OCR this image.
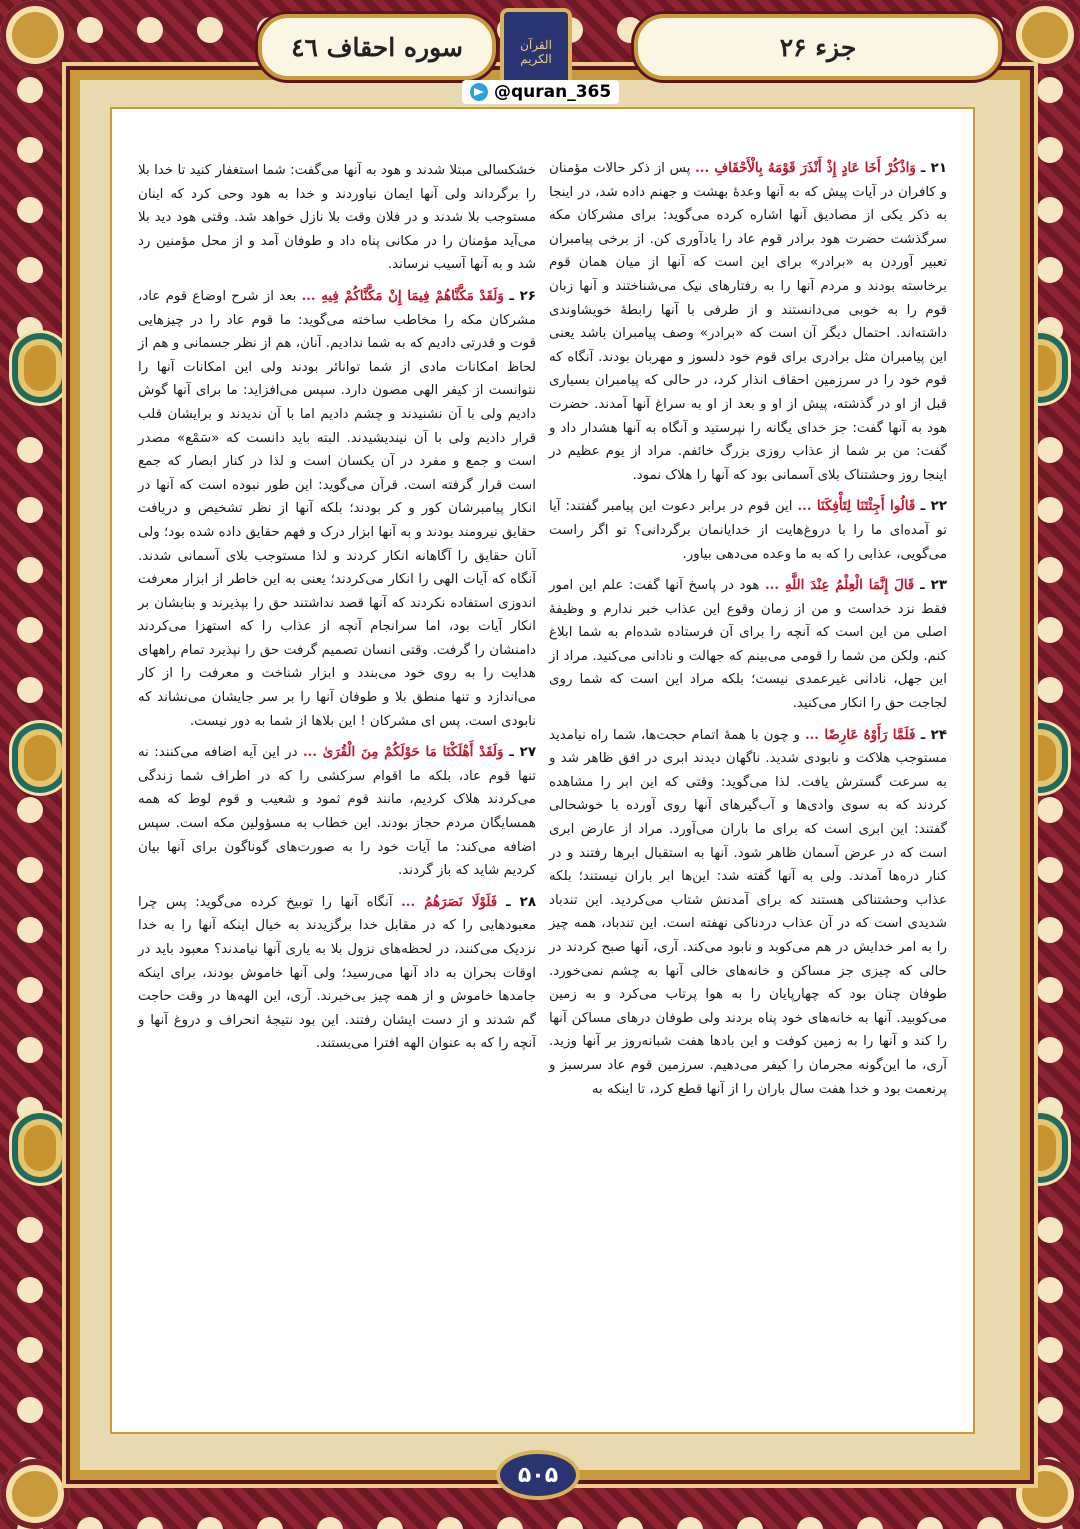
جزء ۲۶
القرآن الكريم
سوره احقاف ٤٦
@quran_365

۲۱ ـ وَاذْكُرْ أَخَا عَادٍ إِذْ أَنْذَرَ قَوْمَهُ بِالْأَحْقَافِ ... پس از ذکر حالات مؤمنان و کافران در آیات پیش که به آنها وعدهٔ بهشت و جهنم داده شد، در اینجا به ذکر یکی از مصادیق آنها اشاره کرده می‌گوید: برای مشرکان مکه سرگذشت حضرت هود برادر قوم عاد را یادآوری کن. از برخی پیامبران تعبیر آوردن به «برادر» برای این است که آنها از میان همان قوم برخاسته بودند و مردم آنها را به رفتارهای نیک می‌شناختند و آنها زبان قوم را به خوبی می‌دانستند و از طرفی با آنها رابطهٔ خویشاوندی داشته‌اند. احتمال دیگر آن است که «برادر» وصف پیامبران باشد یعنی این پیامبران مثل برادری برای قوم خود دلسوز و مهربان بودند. آنگاه که قوم خود را در سرزمین احقاف انذار کرد، در حالی که پیامبران بسیاری قبل از او در گذشته، پیش از او و بعد از او به سراغ آنها آمدند. حضرت هود به آنها گفت: جز خدای یگانه را نپرستید و آنگاه به آنها هشدار داد و گفت: من بر شما از عذاب روزی بزرگ خائفم. مراد از یوم عظیم در اینجا روز وحشتناک بلای آسمانی بود که آنها را هلاک نمود.

۲۲ ـ قَالُوا أَجِئْتَنَا لِتَأْفِكَنَا ... این قوم در برابر دعوت این پیامبر گفتند: آیا تو آمده‌ای ما را با دروغ‌هایت از خدایانمان برگردانی؟ تو اگر راست می‌گویی، عذابی را که به ما وعده می‌دهی بیاور.

۲۳ ـ قَالَ إِنَّمَا الْعِلْمُ عِنْدَ اللَّهِ ... هود در پاسخ آنها گفت: علم این امور فقط نزد خداست و من از زمان وقوع این عذاب خبر ندارم و وظیفهٔ اصلی من این است که آنچه را برای آن فرستاده شده‌ام به شما ابلاغ کنم. ولکن من شما را قومی می‌بینم که جهالت و نادانی می‌کنید. مراد از این جهل، نادانی غیرعمدی نیست؛ بلکه مراد این است که شما روی لجاجت حق را انکار می‌کنید.

۲۴ ـ فَلَمَّا رَأَوْهُ عَارِضًا ... و چون با همهٔ اتمام حجت‌ها، شما راه نیامدید مستوجب هلاکت و نابودی شدید. ناگهان دیدند ابری در افق ظاهر شد و به سرعت گسترش یافت. لذا می‌گوید: وقتی که این ابر را مشاهده کردند که به سوی وادی‌ها و آب‌گیرهای آنها روی آورده با خوشحالی گفتند: این ابری است که برای ما باران می‌آورد. مراد از عارض ابری است که در عرض آسمان ظاهر شود. آنها به استقبال ابرها رفتند و در کنار دره‌ها آمدند. ولی به آنها گفته شد: این‌ها ابر باران نیستند؛ بلکه عذاب وحشتناکی هستند که برای آمدنش شتاب می‌کردید. این تندباد شدیدی است که در آن عذاب دردناکی نهفته است. این تندباد، همه چیز را به امر خدایش در هم می‌کوبد و نابود می‌کند. آری، آنها صبح کردند در حالی که چیزی جز مساکن و خانه‌های خالی آنها به چشم نمی‌خورد. طوفان چنان بود که چهارپایان را به هوا پرتاب می‌کرد و به زمین می‌کوبید. آنها به خانه‌های خود پناه بردند ولی طوفان درهای مساکن آنها را کند و آنها را به زمین کوفت و این بادها هفت شبانه‌روز بر آنها وزید. آری، ما این‌گونه مجرمان را کیفر می‌دهیم. سرزمین قوم عاد سرسبز و پرنعمت بود و خدا هفت سال باران را از آنها قطع کرد، تا اینکه به

خشکسالی مبتلا شدند و هود به آنها می‌گفت: شما استغفار کنید تا خدا بلا را برگرداند ولی آنها ایمان نیاوردند و خدا به هود وحی کرد که اینان مستوجب بلا شدند و در فلان وقت بلا نازل خواهد شد. وقتی هود دید بلا می‌آید مؤمنان را در مکانی پناه داد و طوفان آمد و از محل مؤمنین رد شد و به آنها آسیب نرساند.

۲۶ ـ وَلَقَدْ مَكَّنَّاهُمْ فِيمَا إِنْ مَكَّنَّاكُمْ فِيهِ ... بعد از شرح اوضاع قوم عاد، مشرکان مکه را مخاطب ساخته می‌گوید: ما قوم عاد را در چیزهایی قوت و قدرتی دادیم که به شما ندادیم. آنان، هم از نظر جسمانی و هم از لحاظ امکانات مادی از شما توانائر بودند ولی این امکانات آنها را نتوانست از کیفر الهی مصون دارد. سپس می‌افزاید: ما برای آنها گوش دادیم ولی با آن نشنیدند و چشم دادیم اما با آن ندیدند و برایشان قلب قرار دادیم ولی با آن نیندیشیدند. البته باید دانست که «سَمْع» مصدر است و جمع و مفرد در آن یکسان است و لذا در کنار ابصار که جمع است قرار گرفته است. قرآن می‌گوید: این طور نبوده است که آنها در انکار پیامبرشان کور و کر بودند؛ بلکه آنها از نظر تشخیص و دریافت حقایق نیرومند بودند و به آنها ابزار درک و فهم حقایق داده شده بود؛ ولی آنان حقایق را آگاهانه انکار کردند و لذا مستوجب بلای آسمانی شدند. آنگاه که آیات الهی را انکار می‌کردند؛ یعنی به این خاطر از ابزار معرفت اندوزی استفاده نکردند که آنها قصد نداشتند حق را بپذیرند و بنابشان بر انکار آیات بود، اما سرانجام آنچه از عذاب را که استهزا می‌کردند دامنشان را گرفت. وقتی انسان تصمیم گرفت حق را نپذیرد تمام راههای هدایت را به روی خود می‌بندد و ابزار شناخت و معرفت را از کار می‌اندازد و تنها منطق بلا و طوفان آنها را بر سر جایشان می‌نشاند که نابودی است. پس ای مشرکان ! این بلاها از شما به دور نیست.

۲۷ ـ وَلَقَدْ أَهْلَكْنَا مَا حَوْلَكُمْ مِنَ الْقُرَىٰ ... در این آیه اضافه می‌کنند: نه تنها قوم عاد، بلکه ما اقوام سرکشی را که در اطراف شما زندگی می‌کردند هلاک کردیم، مانند قوم ثمود و شعیب و قوم لوط که همه همسایگان مردم حجاز بودند. این خطاب به مسؤولین مکه است. سپس اضافه می‌کند: ما آیات خود را به صورت‌های گوناگون برای آنها بیان کردیم شاید که باز گردند.

۲۸ ـ فَلَوْلَا نَصَرَهُمُ ... آنگاه آنها را توبیخ کرده می‌گوید: پس چرا معبودهایی را که در مقابل خدا برگزیدند به خیال اینکه آنها را به خدا نزدیک می‌کنند، در لحظه‌های نزول بلا به یاری آنها نیامدند؟ معبود باید در اوقات بحران به داد آنها می‌رسید؛ ولی آنها خاموش بودند، برای اینکه جامدها خاموش و از همه چیز بی‌خبرند. آری، این الهه‌ها در وقت حاجت گم شدند و از دست ایشان رفتند. این بود نتیجهٔ انحراف و دروغ آنها و آنچه را که به عنوان الهه افترا می‌بستند.

۵۰۵
